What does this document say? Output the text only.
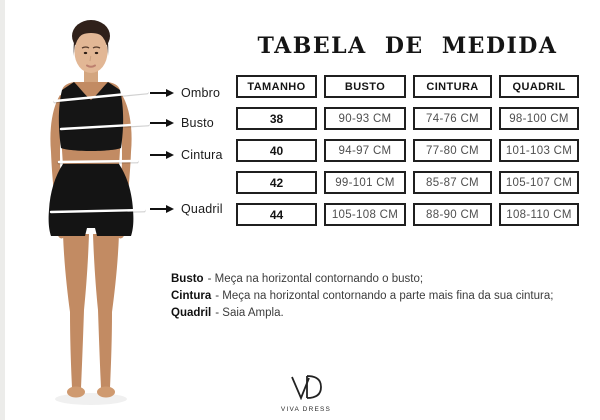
Ombro
Busto
Cintura
Quadril
TABELA DE MEDIDA
TAMANHO	BUSTO	CINTURA	QUADRIL
38	90-93 CM	74-76 CM	98-100 CM
40	94-97 CM	77-80 CM	101-103 CM
42	99-101 CM	85-87 CM	105-107 CM
44	105-108 CM	88-90 CM	108-110 CM
Busto - Meça na horizontal contornando o busto;
Cintura - Meça na horizontal contornando a parte mais fina da sua cintura;
Quadril - Saia Ampla.
VIVA DRESS
